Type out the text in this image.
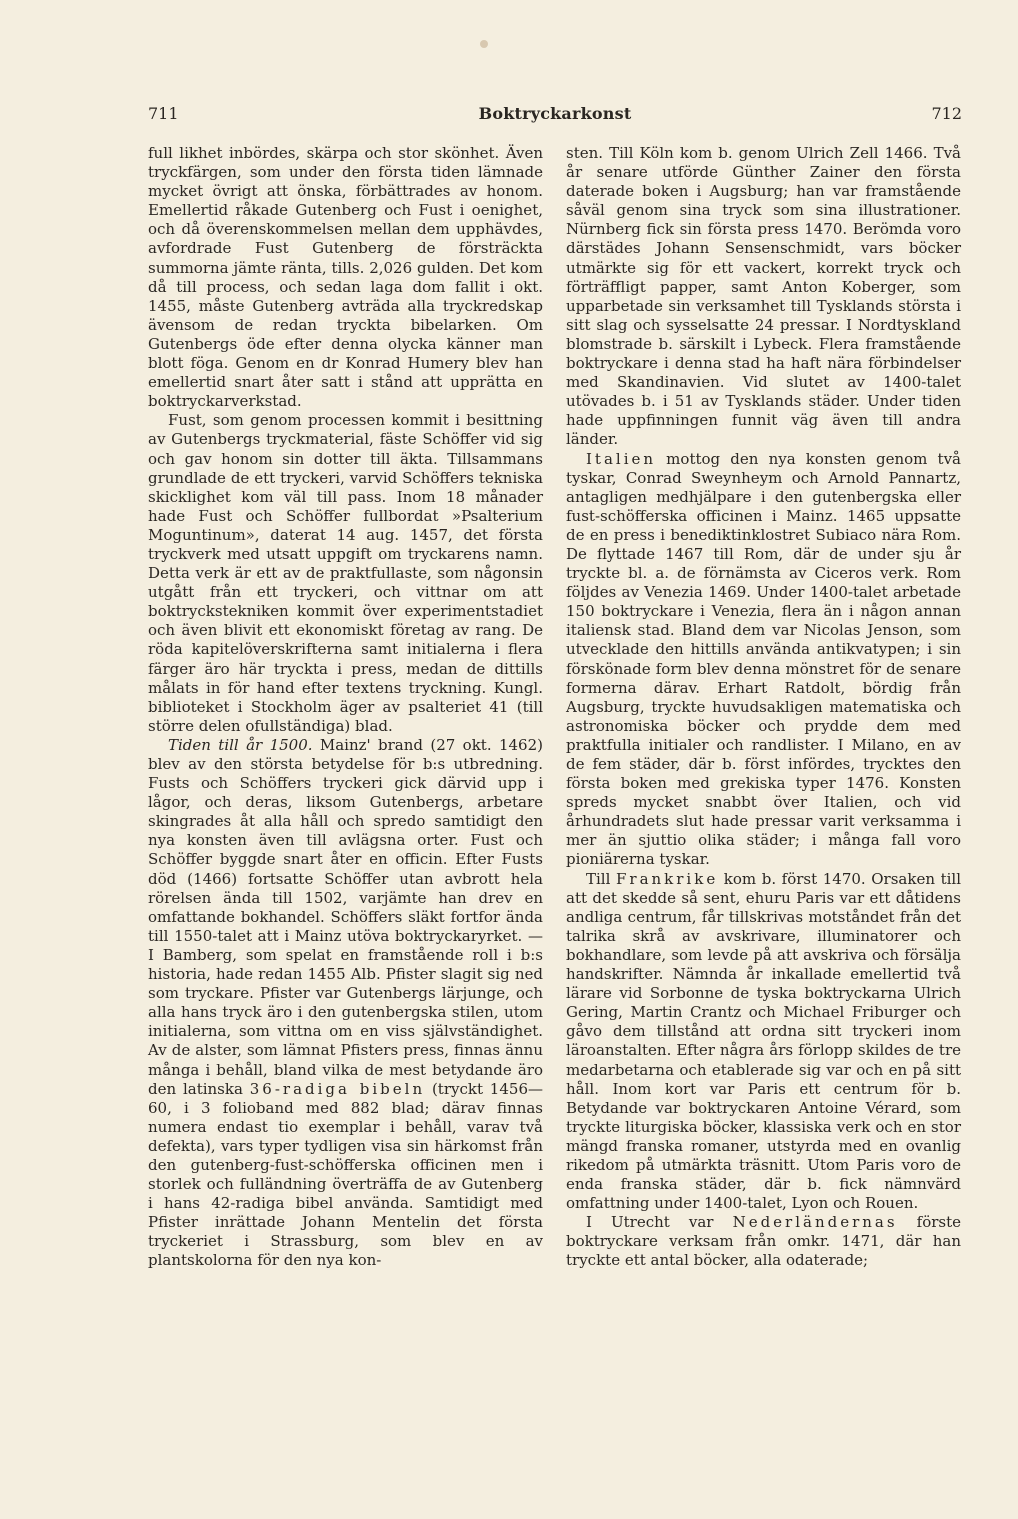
711	Boktryckarkonst	712

full likhet inbördes, skärpa och stor skönhet. Även tryckfärgen, som under den första tiden lämnade mycket övrigt att önska, förbättrades av honom. Emellertid råkade Gutenberg och Fust i oenighet, och då överenskommelsen mellan dem upphävdes, avfordrade Fust Gutenberg de försträckta summorna jämte ränta, tills. 2,026 gulden. Det kom då till process, och sedan laga dom fallit i okt. 1455, måste Gutenberg avträda alla tryckredskap ävensom de redan tryckta bibelarken. Om Gutenbergs öde efter denna olycka känner man blott föga. Genom en dr Konrad Humery blev han emellertid snart åter satt i stånd att upprätta en boktryckarverkstad.

Fust, som genom processen kommit i besittning av Gutenbergs tryckmaterial, fäste Schöffer vid sig och gav honom sin dotter till äkta. Tillsammans grundlade de ett tryckeri, varvid Schöffers tekniska skicklighet kom väl till pass. Inom 18 månader hade Fust och Schöffer fullbordat »Psalterium Moguntinum», daterat 14 aug. 1457, det första tryckverk med utsatt uppgift om tryckarens namn. Detta verk är ett av de praktfullaste, som någonsin utgått från ett tryckeri, och vittnar om att boktryckstekniken kommit över experimentstadiet och även blivit ett ekonomiskt företag av rang. De röda kapitelöverskrifterna samt initialerna i flera färger äro här tryckta i press, medan de dittills målats in för hand efter textens tryckning. Kungl. biblioteket i Stockholm äger av psalteriet 41 (till större delen ofullständiga) blad.

Tiden till år 1500. Mainz' brand (27 okt. 1462) blev av den största betydelse för b:s utbredning. Fusts och Schöffers tryckeri gick därvid upp i lågor, och deras, liksom Gutenbergs, arbetare skingrades åt alla håll och spredo samtidigt den nya konsten även till avlägsna orter. Fust och Schöffer byggde snart åter en officin. Efter Fusts död (1466) fortsatte Schöffer utan avbrott hela rörelsen ända till 1502, varjämte han drev en omfattande bokhandel. Schöffers släkt fortfor ända till 1550-talet att i Mainz utöva boktryckaryrket. — I Bamberg, som spelat en framstående roll i b:s historia, hade redan 1455 Alb. Pfister slagit sig ned som tryckare. Pfister var Gutenbergs lärjunge, och alla hans tryck äro i den gutenbergska stilen, utom initialerna, som vittna om en viss självständighet. Av de alster, som lämnat Pfisters press, finnas ännu många i behåll, bland vilka de mest betydande äro den latinska 36-radiga bibeln (tryckt 1456—60, i 3 folioband med 882 blad; därav finnas numera endast tio exemplar i behåll, varav två defekta), vars typer tydligen visa sin härkomst från den gutenberg-fust-schöfferska officinen men i storlek och fulländning överträffa de av Gutenberg i hans 42-radiga bibel använda. Samtidigt med Pfister inrättade Johann Mentelin det första tryckeriet i Strassburg, som blev en av plantskolorna för den nya kon-

sten. Till Köln kom b. genom Ulrich Zell 1466. Två år senare utförde Günther Zainer den första daterade boken i Augsburg; han var framstående såväl genom sina tryck som sina illustrationer. Nürnberg fick sin första press 1470. Berömda voro därstädes Johann Sensenschmidt, vars böcker utmärkte sig för ett vackert, korrekt tryck och förträffligt papper, samt Anton Koberger, som upparbetade sin verksamhet till Tysklands största i sitt slag och sysselsatte 24 pressar. I Nordtyskland blomstrade b. särskilt i Lybeck. Flera framstående boktryckare i denna stad ha haft nära förbindelser med Skandinavien. Vid slutet av 1400-talet utövades b. i 51 av Tysklands städer. Under tiden hade uppfinningen funnit väg även till andra länder.

Italien mottog den nya konsten genom två tyskar, Conrad Sweynheym och Arnold Pannartz, antagligen medhjälpare i den gutenbergska eller fust-schöfferska officinen i Mainz. 1465 uppsatte de en press i benediktinklostret Subiaco nära Rom. De flyttade 1467 till Rom, där de under sju år tryckte bl. a. de förnämsta av Ciceros verk. Rom följdes av Venezia 1469. Under 1400-talet arbetade 150 boktryckare i Venezia, flera än i någon annan italiensk stad. Bland dem var Nicolas Jenson, som utvecklade den hittills använda antikvatypen; i sin förskönade form blev denna mönstret för de senare formerna därav. Erhart Ratdolt, bördig från Augsburg, tryckte huvudsakligen matematiska och astronomiska böcker och prydde dem med praktfulla initialer och randlister. I Milano, en av de fem städer, där b. först infördes, trycktes den första boken med grekiska typer 1476. Konsten spreds mycket snabbt över Italien, och vid århundradets slut hade pressar varit verksamma i mer än sjuttio olika städer; i många fall voro pioniärerna tyskar.

Till Frankrike kom b. först 1470. Orsaken till att det skedde så sent, ehuru Paris var ett dåtidens andliga centrum, får tillskrivas motståndet från det talrika skrå av avskrivare, illuminatorer och bokhandlare, som levde på att avskriva och försälja handskrifter. Nämnda år inkallade emellertid två lärare vid Sorbonne de tyska boktryckarna Ulrich Gering, Martin Crantz och Michael Friburger och gåvo dem tillstånd att ordna sitt tryckeri inom läroanstalten. Efter några års förlopp skildes de tre medarbetarna och etablerade sig var och en på sitt håll. Inom kort var Paris ett centrum för b. Betydande var boktryckaren Antoine Vérard, som tryckte liturgiska böcker, klassiska verk och en stor mängd franska romaner, utstyrda med en ovanlig rikedom på utmärkta träsnitt. Utom Paris voro de enda franska städer, där b. fick nämnvärd omfattning under 1400-talet, Lyon och Rouen.

I Utrecht var Nederländernas förste boktryckare verksam från omkr. 1471, där han tryckte ett antal böcker, alla odaterade;
